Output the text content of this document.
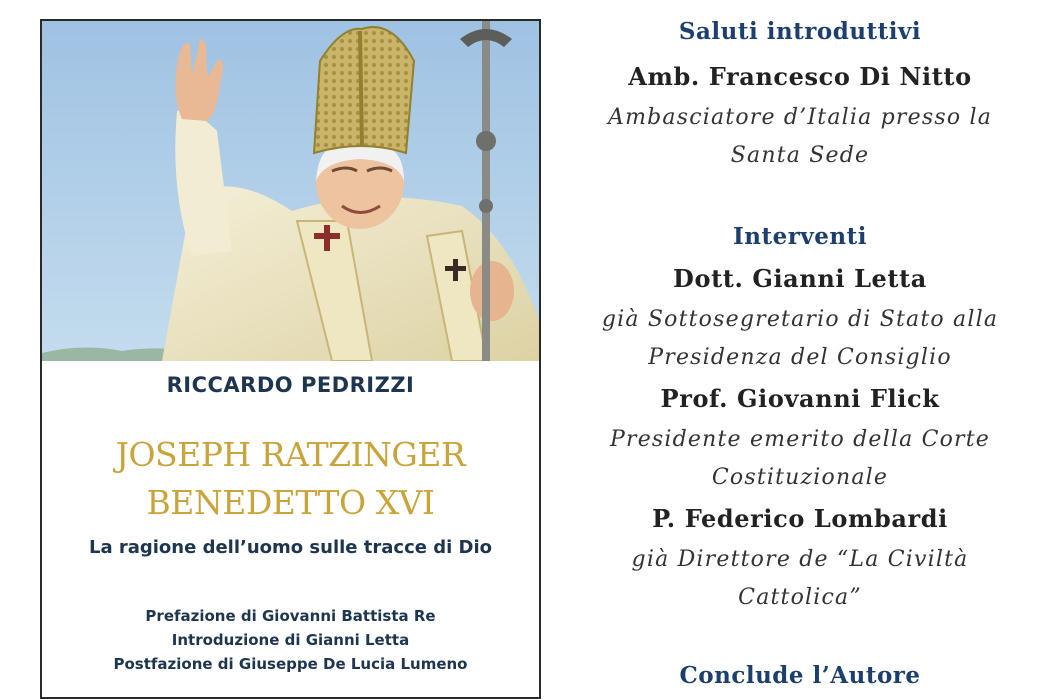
RICCARDO PEDRIZZI
JOSEPH RATZINGER
BENEDETTO XVI
La ragione dell’uomo sulle tracce di Dio
Prefazione di Giovanni Battista Re
Introduzione di Gianni Letta
Postfazione di Giuseppe De Lucia Lumeno
Saluti introduttivi
Amb. Francesco Di Nitto
Ambasciatore d’Italia presso la
Santa Sede
Interventi
Dott. Gianni Letta
già Sottosegretario di Stato alla
Presidenza del Consiglio
Prof. Giovanni Flick
Presidente emerito della Corte
Costituzionale
P. Federico Lombardi
già Direttore de “La Civiltà
Cattolica”
Conclude l’Autore
